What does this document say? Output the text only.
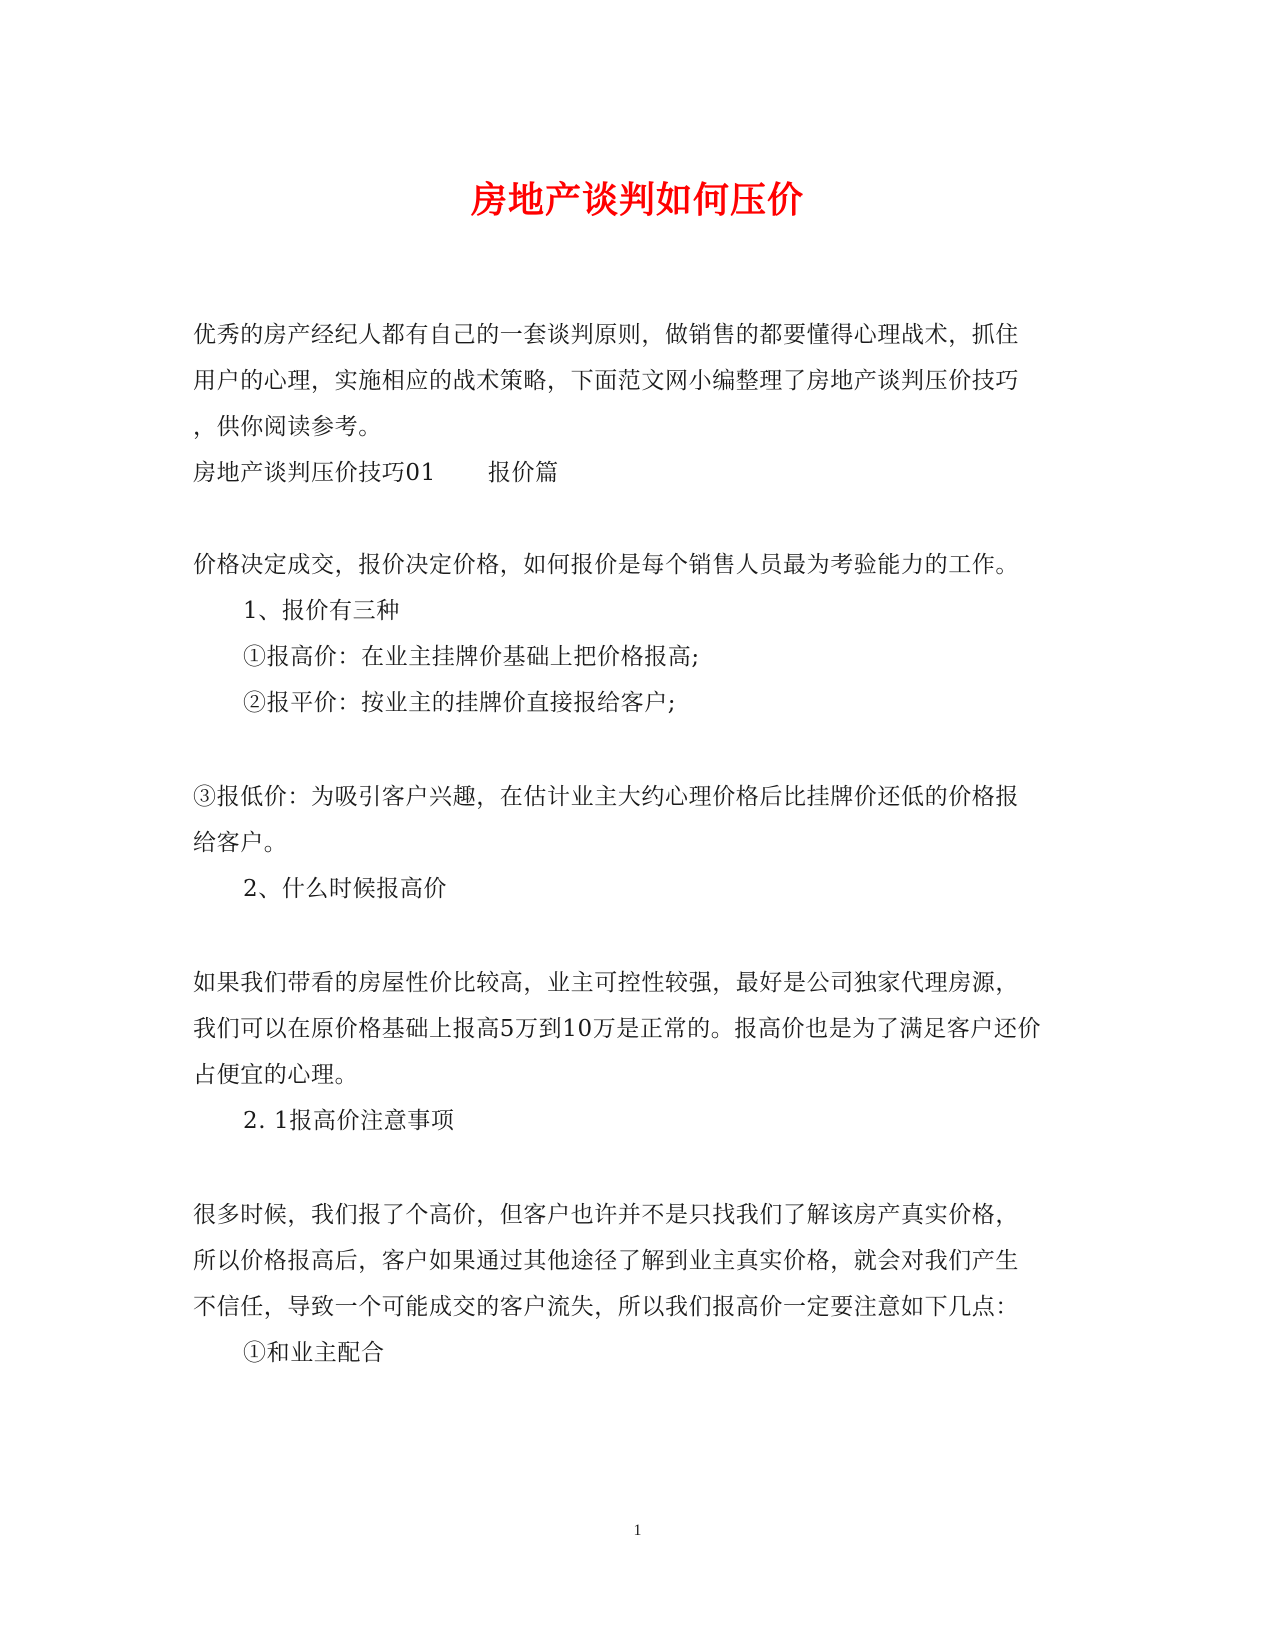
房地产谈判如何压价
优秀的房产经纪人都有自己的一套谈判原则，做销售的都要懂得心理战术，抓住
用户的心理，实施相应的战术策略，下面范文网小编整理了房地产谈判压价技巧
，供你阅读参考。
房地产谈判压价技巧01 报价篇
价格决定成交，报价决定价格，如何报价是每个销售人员最为考验能力的工作。
1、报价有三种
①报高价：在业主挂牌价基础上把价格报高;
②报平价：按业主的挂牌价直接报给客户;
③报低价：为吸引客户兴趣，在估计业主大约心理价格后比挂牌价还低的价格报
给客户。
2、什么时候报高价
如果我们带看的房屋性价比较高，业主可控性较强，最好是公司独家代理房源，
我们可以在原价格基础上报高5万到10万是正常的。报高价也是为了满足客户还价
占便宜的心理。
2. 1报高价注意事项
很多时候，我们报了个高价，但客户也许并不是只找我们了解该房产真实价格，
所以价格报高后，客户如果通过其他途径了解到业主真实价格，就会对我们产生
不信任，导致一个可能成交的客户流失，所以我们报高价一定要注意如下几点：
①和业主配合
1
